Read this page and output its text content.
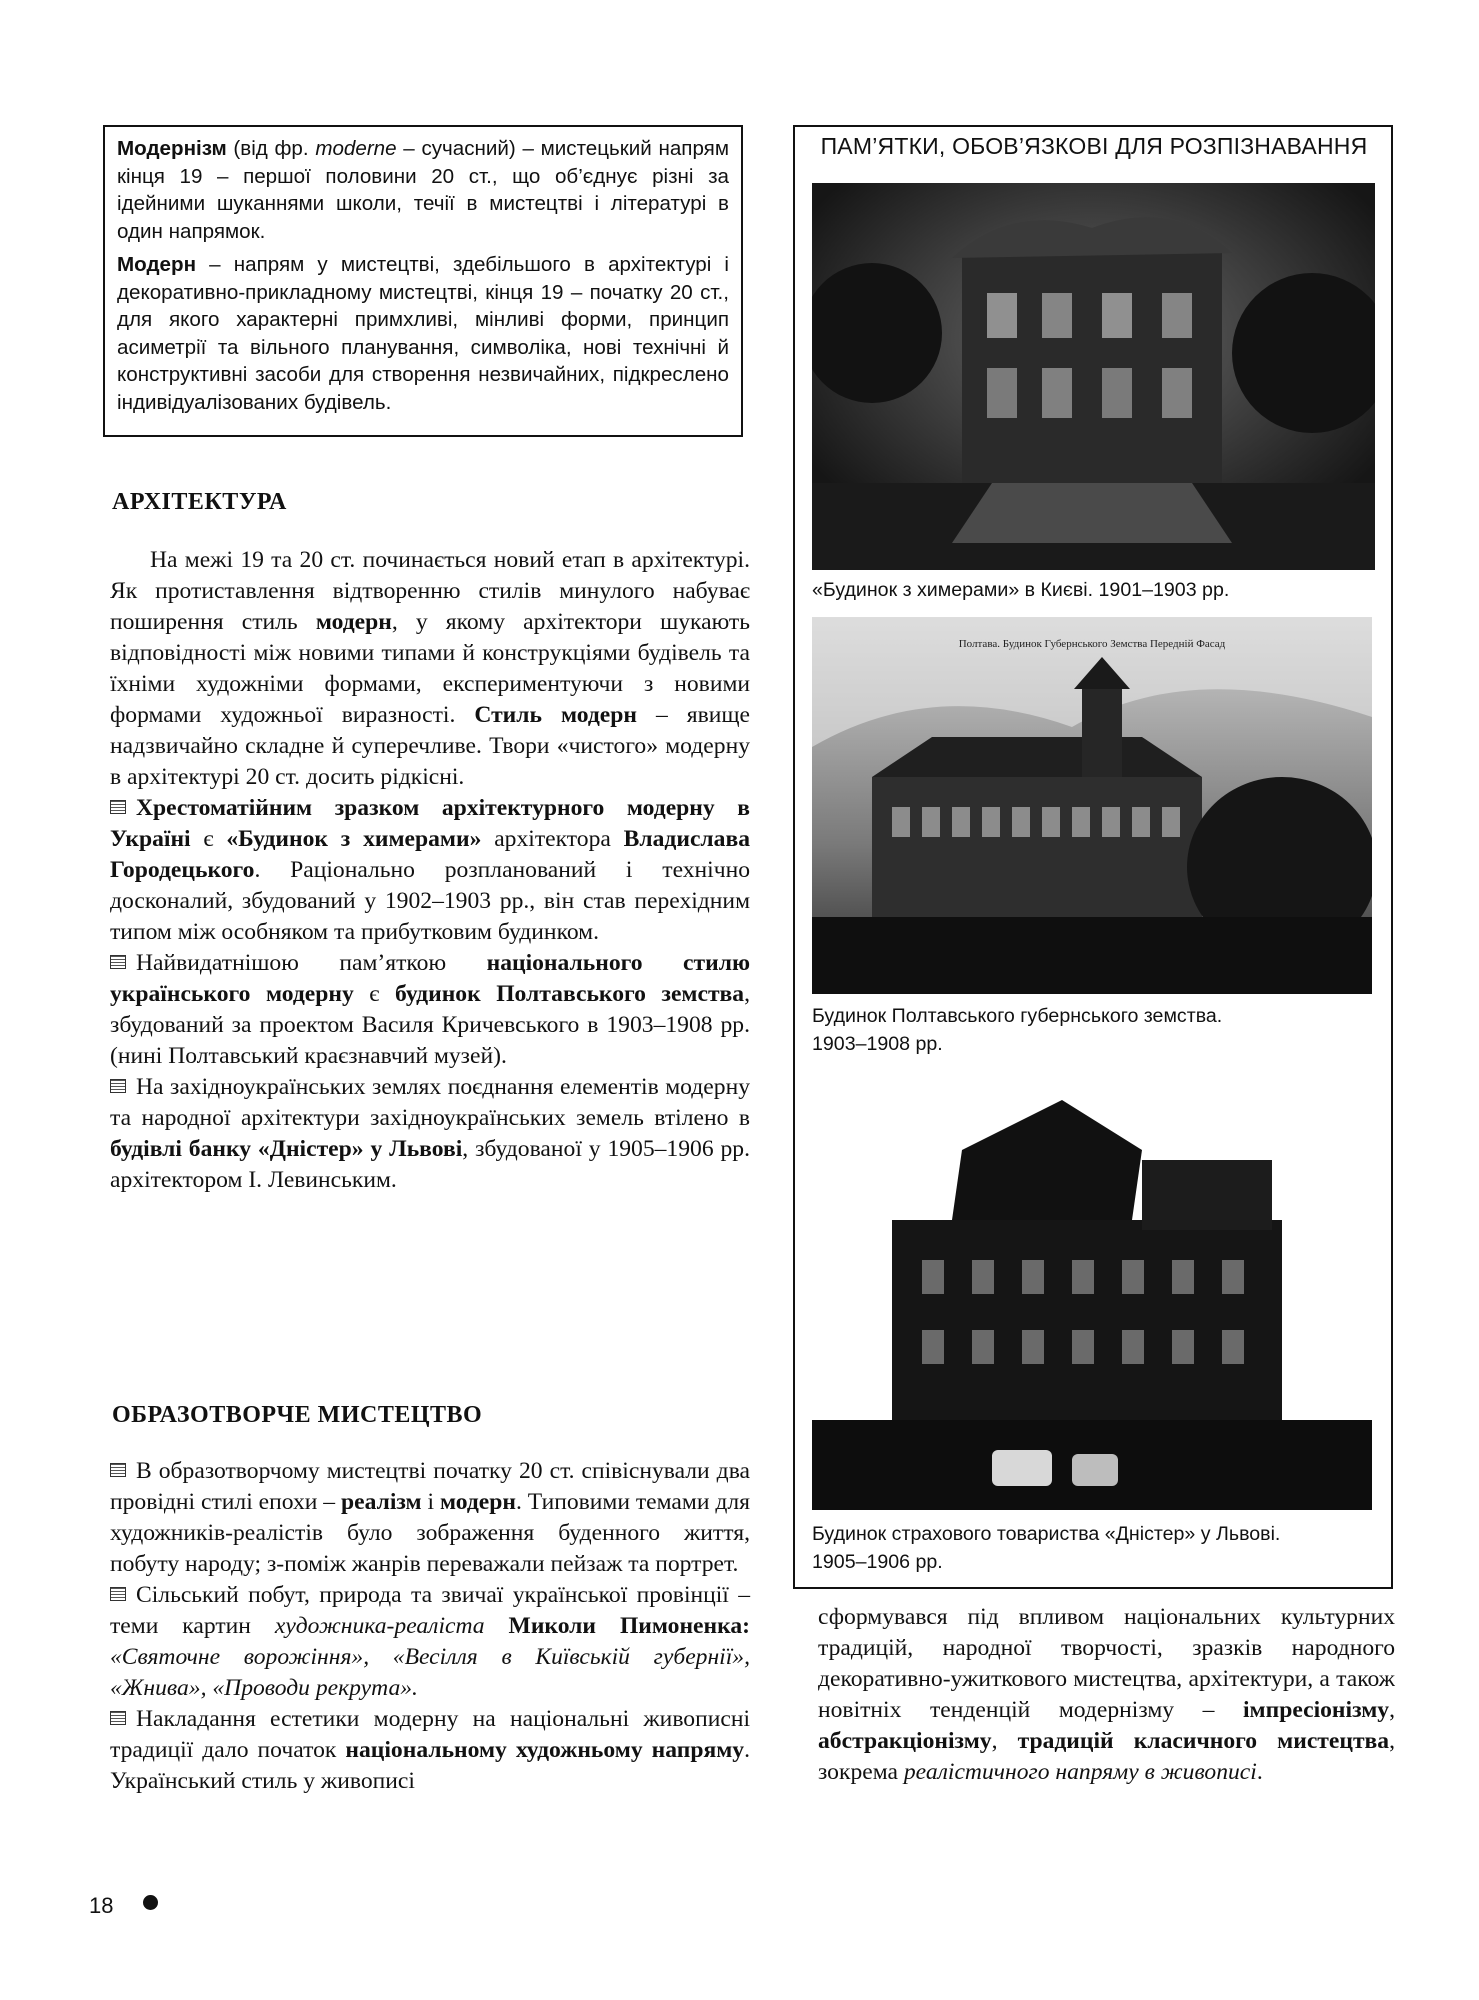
Модернізм (від фр. moderne – сучасний) – мистецький напрям кінця 19 – першої половини 20 ст., що об’єднує різні за ідейними шуканнями школи, течії в мистецтві і літературі в один напрямок.

Модерн – напрям у мистецтві, здебільшого в архітектурі і декоративно-прикладному мистецтві, кінця 19 – початку 20 ст., для якого характерні примхливі, мінливі форми, принцип асиметрії та вільного планування, символіка, нові технічні й конструктивні засоби для створення незвичайних, підкреслено індивідуалізованих будівель.

АРХІТЕКТУРА

На межі 19 та 20 ст. починається новий етап в архітектурі. Як протиставлення відтворенню стилів минулого набуває поширення стиль модерн, у якому архітектори шукають відповідності між новими типами й конструкціями будівель та їхніми художніми формами, експериментуючи з новими формами художньої виразності. Стиль модерн – явище надзвичайно складне й суперечливе. Твори «чистого» модерну в архітектурі 20 ст. досить рідкісні.

Хрестоматійним зразком архітектурного модерну в Україні є «Будинок з химерами» архітектора Владислава Городецького. Раціонально розпланований і технічно досконалий, збудований у 1902–1903 рр., він став перехідним типом між особняком та прибутковим будинком.

Найвидатнішою пам’яткою національного стилю українського модерну є будинок Полтавського земства, збудований за проектом Василя Кричевського в 1903–1908 рр. (нині Полтавський краєзнавчий музей).

На західноукраїнських землях поєднання елементів модерну та народної архітектури західноукраїнських земель втілено в будівлі банку «Дністер» у Львові, збудованої у 1905–1906 рр. архітектором І. Левинським.

ОБРАЗОТВОРЧЕ МИСТЕЦТВО

В образотворчому мистецтві початку 20 ст. співіснували два провідні стилі епохи – реалізм і модерн. Типовими темами для художників-реалістів було зображення буденного життя, побуту народу; з-поміж жанрів переважали пейзаж та портрет.

Сільський побут, природа та звичаї української провінції – теми картин художника-реаліста Миколи Пимоненка: «Святочне ворожіння», «Весілля в Київській губернії», «Жнива», «Проводи рекрута».

Накладання естетики модерну на національні живописні традиції дало початок національному художньому напряму. Український стиль у живописі

ПАМ’ЯТКИ, ОБОВ’ЯЗКОВІ ДЛЯ РОЗПІЗНАВАННЯ
«Будинок з химерами» в Києві. 1901–1903 рр.
Полтава. Будинок Губернського Земства Передній Фасад
Будинок Полтавського губернського земства.
1903–1908 рр.
Будинок страхового товариства «Дністер» у Львові.
1905–1906 рр.

сформувався під впливом національних культурних традицій, народної творчості, зразків народного декоративно-ужиткового мистецтва, архітектури, а також новітніх тенденцій модернізму – імпресіонізму, абстракціонізму, традицій класичного мистецтва, зокрема реалістичного напряму в живописі.

18
